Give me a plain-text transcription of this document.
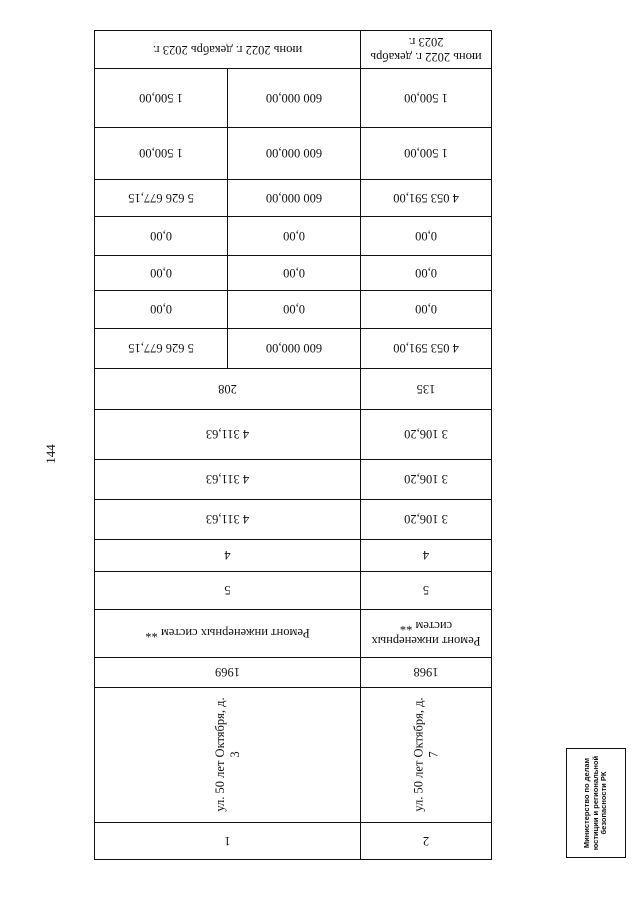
144
июнь 2022 г. декабрь 2023 г.
июнь 2022 г. декабрь 2023 г.
1 500,00
600 000,00
1 500,00
1 500,00
600 000,00
1 500,00
4 053 591,00
600 000,00
5 626 677,15
0,00
0,00
0,00
0,00
0,00
0,00
0,00
0,00
0,00
4 053 591,00
600 000,00
5 626 677,15
135
208
3 106,20
4 311,63
3 106,20
4 311,63
3 106,20
4 311,63
4
4
5
5
Ремонт инженерных систем **
Ремонт инженерных систем **
1968
1969
ул. 50 лет Октября, д. 7
ул. 50 лет Октября, д. 3
2
1	Министерство по делам юстиции и региональной безопасности РК
